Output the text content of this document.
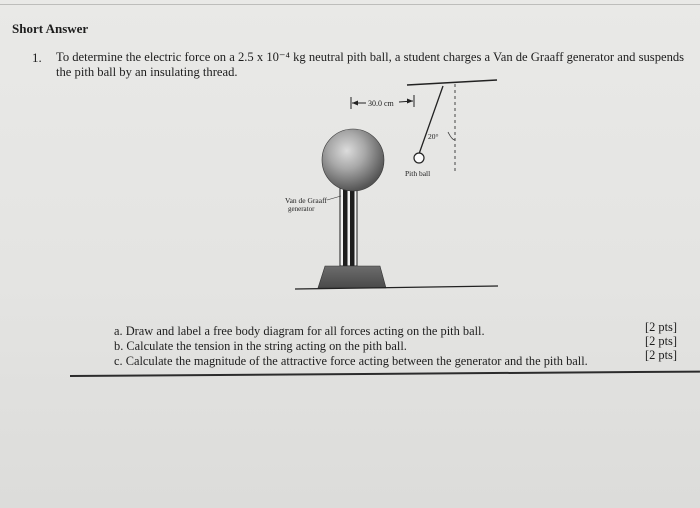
Short Answer
1. To determine the electric force on a 2.5 x 10⁻⁴ kg neutral pith ball, a student charges a Van de Graaff generator and suspends
the pith ball by an insulating thread.
30.0 cm
20°
Pith ball
Van de Graaff
generator
a. Draw and label a free body diagram for all forces acting on the pith ball.
b. Calculate the tension in the string acting on the pith ball.
c. Calculate the magnitude of the attractive force acting between the generator and the pith ball.
[2 pts]
[2 pts]
[2 pts]
